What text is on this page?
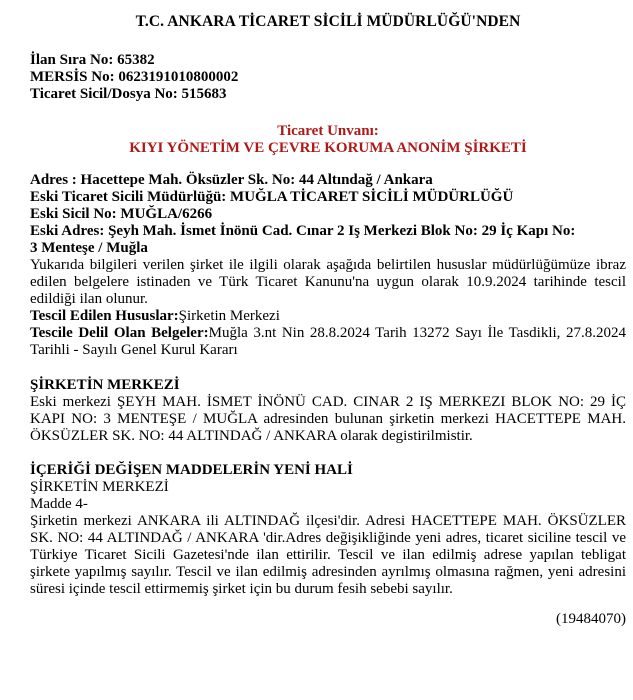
T.C. ANKARA TİCARET SİCİLİ MÜDÜRLÜĞÜ'NDEN
İlan Sıra No: 65382
MERSİS No: 0623191010800002
Ticaret Sicil/Dosya No: 515683
Ticaret Unvanı:
KIYI YÖNETİM VE ÇEVRE KORUMA ANONİM ŞİRKETİ
Adres : Hacettepe Mah. Öksüzler Sk. No: 44 Altındağ / Ankara
Eski Ticaret Sicili Müdürlüğü: MUĞLA TİCARET SİCİLİ MÜDÜRLÜĞÜ
Eski Sicil No: MUĞLA/6266
Eski Adres: Şeyh Mah. İsmet İnönü Cad. Cınar 2 Iş Merkezi Blok No: 29 İç Kapı No:
3 Menteşe / Muğla
Yukarıda bilgileri verilen şirket ile ilgili olarak aşağıda belirtilen hususlar müdürlüğümüze ibraz edilen belgelere istinaden ve Türk Ticaret Kanunu'na uygun olarak 10.9.2024 tarihinde tescil edildiği ilan olunur.
Tescil Edilen Hususlar:Şirketin Merkezi
Tescile Delil Olan Belgeler:Muğla 3.nt Nin 28.8.2024 Tarih 13272 Sayı İle Tasdikli, 27.8.2024 Tarihli - Sayılı Genel Kurul Kararı
ŞİRKETİN MERKEZİ
Eski merkezi ŞEYH MAH. İSMET İNÖNÜ CAD. CINAR 2 IŞ MERKEZI BLOK NO: 29 İÇ KAPI NO: 3 MENTEŞE / MUĞLA adresinden bulunan şirketin merkezi HACETTEPE MAH. ÖKSÜZLER SK. NO: 44 ALTINDAĞ / ANKARA olarak degistirilmistir.
İÇERİĞİ DEĞİŞEN MADDELERİN YENİ HALİ
ŞİRKETİN MERKEZİ
Madde 4-
Şirketin merkezi ANKARA ili ALTINDAĞ ilçesi'dir. Adresi HACETTEPE MAH. ÖKSÜZLER SK. NO: 44 ALTINDAĞ / ANKARA 'dir.Adres değişikliğinde yeni adres, ticaret siciline tescil ve Türkiye Ticaret Sicili Gazetesi'nde ilan ettirilir. Tescil ve ilan edilmiş adrese yapılan tebligat şirkete yapılmış sayılır. Tescil ve ilan edilmiş adresinden ayrılmış olmasına rağmen, yeni adresini süresi içinde tescil ettirmemiş şirket için bu durum fesih sebebi sayılır.
(19484070)
